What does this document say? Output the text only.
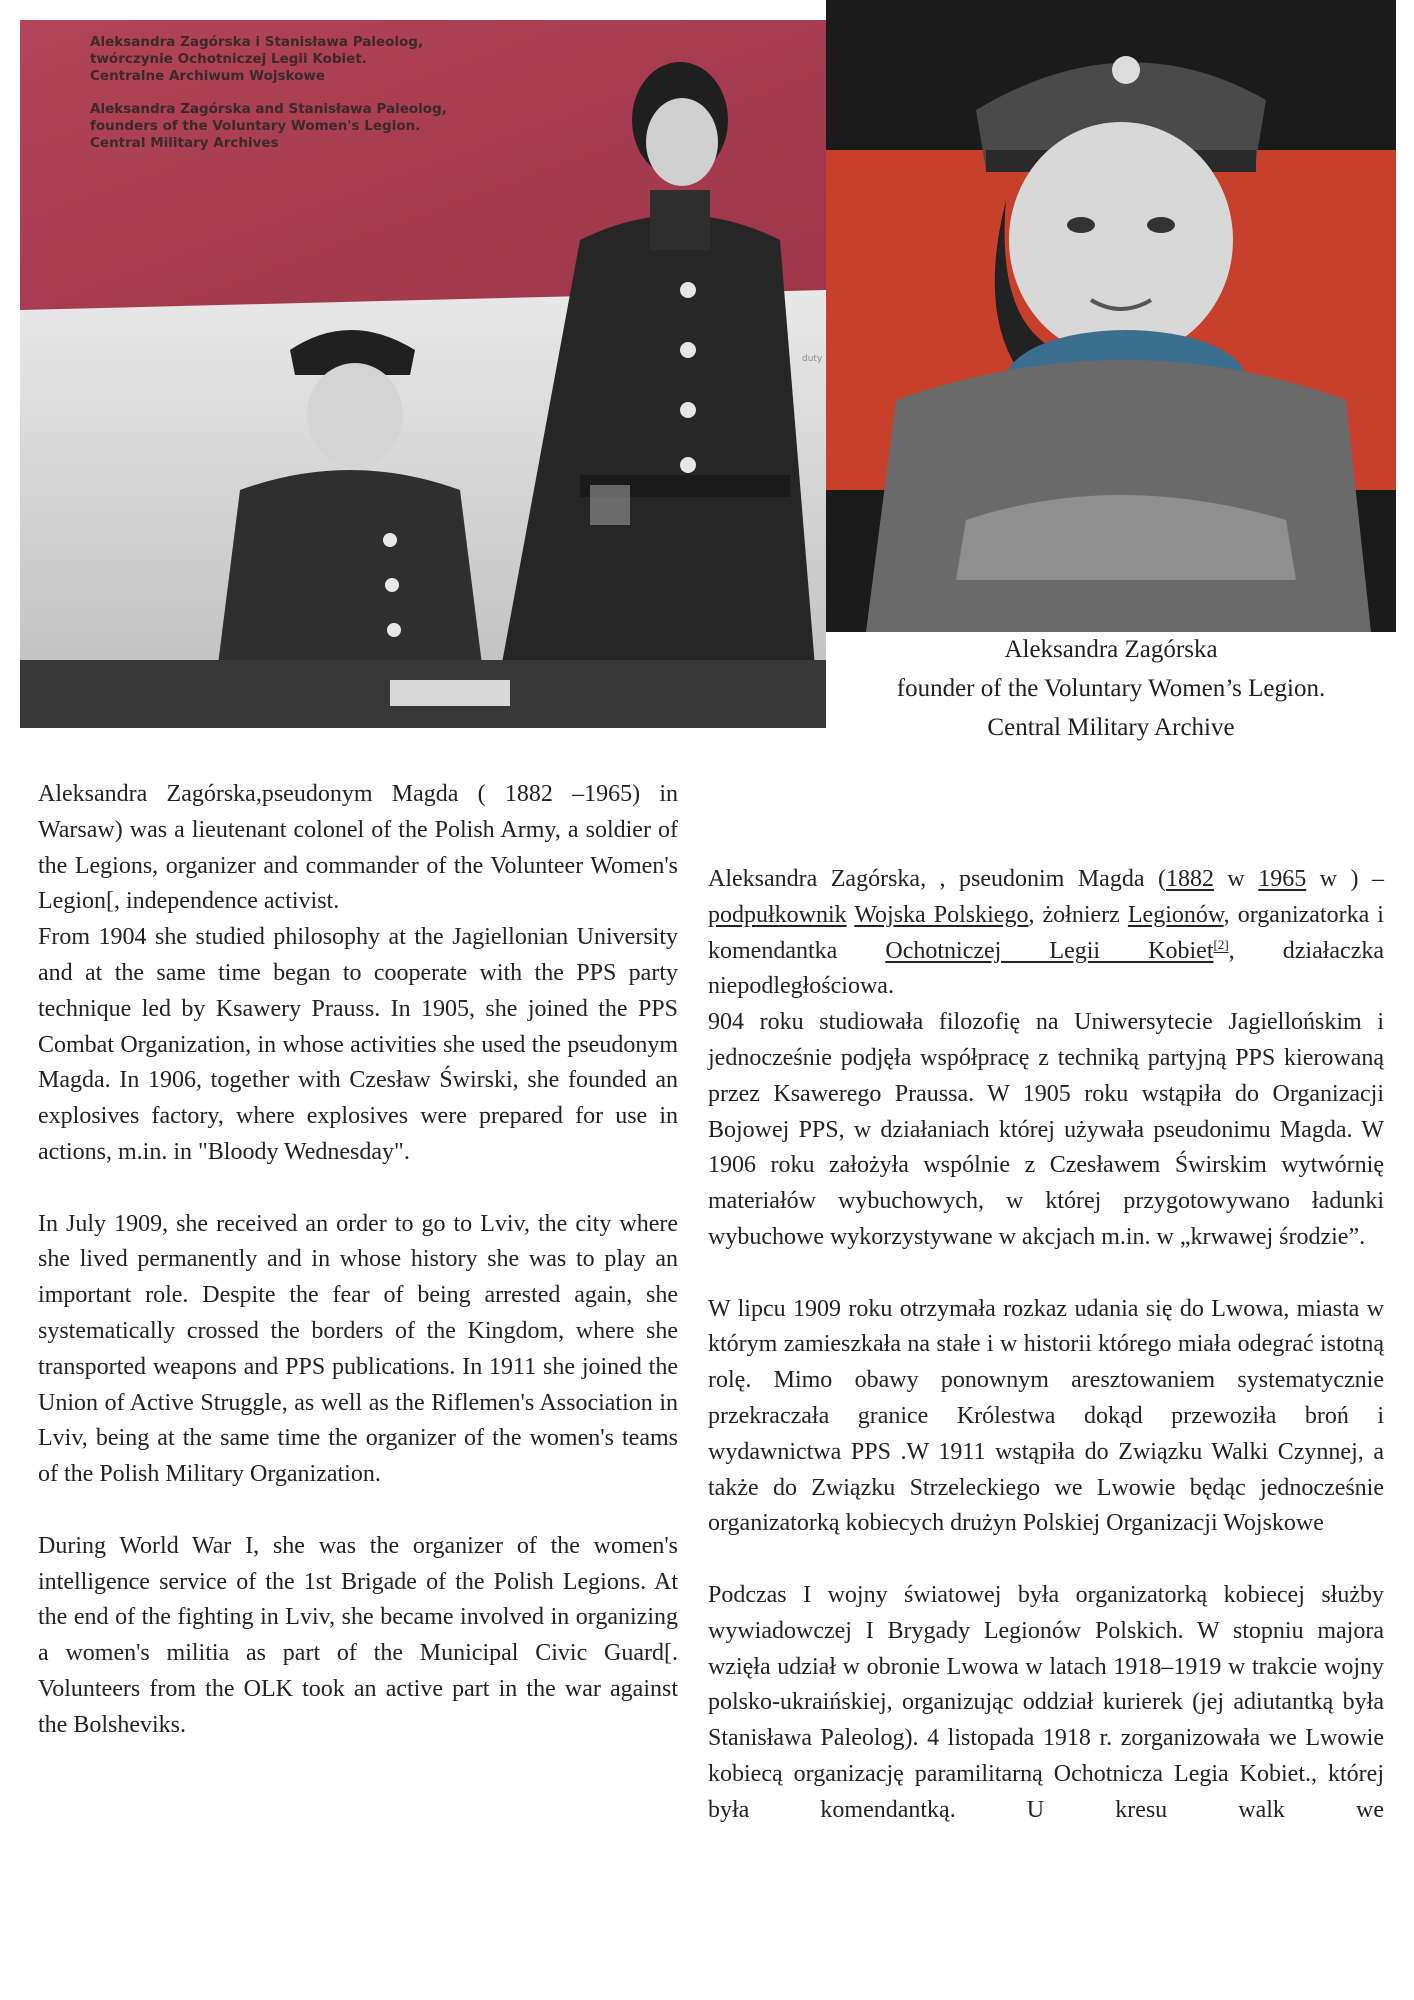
Aleksandra Zagórska i Stanisława Paleolog,
twórczynie Ochotniczej Legii Kobiet.
Centralne Archiwum Wojskowe
Aleksandra Zagórska and Stanisława Paleolog,
founders of the Voluntary Women's Legion.
Central Military Archives
duty
Aleksandra Zagórska
founder of the Voluntary Women’s Legion.
Central Military Archive

Aleksandra Zagórska,pseudonym Magda ( 1882 –1965) in Warsaw) was a lieutenant colonel of the Polish Army, a soldier of the Legions, organizer and commander of the Volunteer Women's Legion[, independence activist.

From 1904 she studied philosophy at the Jagiellonian University and at the same time began to cooperate with the PPS party technique led by Ksawery Prauss. In 1905, she joined the PPS Combat Organization, in whose activities she used the pseudonym Magda. In 1906, together with Czesław Świrski, she founded an explosives factory, where explosives were prepared for use in actions, m.in. in "Bloody Wednesday".

In July 1909, she received an order to go to Lviv, the city where she lived permanently and in whose history she was to play an important role. Despite the fear of being arrested again, she systematically crossed the borders of the Kingdom, where she transported weapons and PPS publications. In 1911 she joined the Union of Active Struggle, as well as the Riflemen's Association in Lviv, being at the same time the organizer of the women's teams of the Polish Military Organization.

During World War I, she was the organizer of the women's intelligence service of the 1st Brigade of the Polish Legions. At the end of the fighting in Lviv, she became involved in organizing a women's militia as part of the Municipal Civic Guard[. Volunteers from the OLK took an active part in the war against the Bolsheviks.

Aleksandra Zagórska, , pseudonim Magda (1882 w 1965 w ) – podpułkownik Wojska Polskiego, żołnierz Legionów, organizatorka i komendantka Ochotniczej Legii Kobiet[2], działaczka niepodległościowa.

904 roku studiowała filozofię na Uniwersytecie Jagiellońskim i jednocześnie podjęła współpracę z techniką partyjną PPS kierowaną przez Ksawerego Praussa. W 1905 roku wstąpiła do Organizacji Bojowej PPS, w działaniach której używała pseudonimu Magda. W 1906 roku założyła wspólnie z Czesławem Świrskim wytwórnię materiałów wybuchowych, w której przygotowywano ładunki wybuchowe wykorzystywane w akcjach m.in. w „krwawej środzie”.

W lipcu 1909 roku otrzymała rozkaz udania się do Lwowa, miasta w którym zamieszkała na stałe i w historii którego miała odegrać istotną rolę. Mimo obawy ponownym aresztowaniem systematycznie przekraczała granice Królestwa dokąd przewoziła broń i wydawnictwa PPS .W 1911 wstąpiła do Związku Walki Czynnej, a także do Związku Strzeleckiego we Lwowie będąc jednocześnie organizatorką kobiecych drużyn Polskiej Organizacji Wojskowe

Podczas I wojny światowej była organizatorką kobiecej służby wywiadowczej I Brygady Legionów Polskich. W stopniu majora wzięła udział w obronie Lwowa w latach 1918–1919 w trakcie wojny polsko-ukraińskiej, organizując oddział kurierek (jej adiutantką była Stanisława Paleolog). 4 listopada 1918 r. zorganizowała we Lwowie kobiecą organizację paramilitarną Ochotnicza Legia Kobiet., której była komendantką. U kresu walk we
